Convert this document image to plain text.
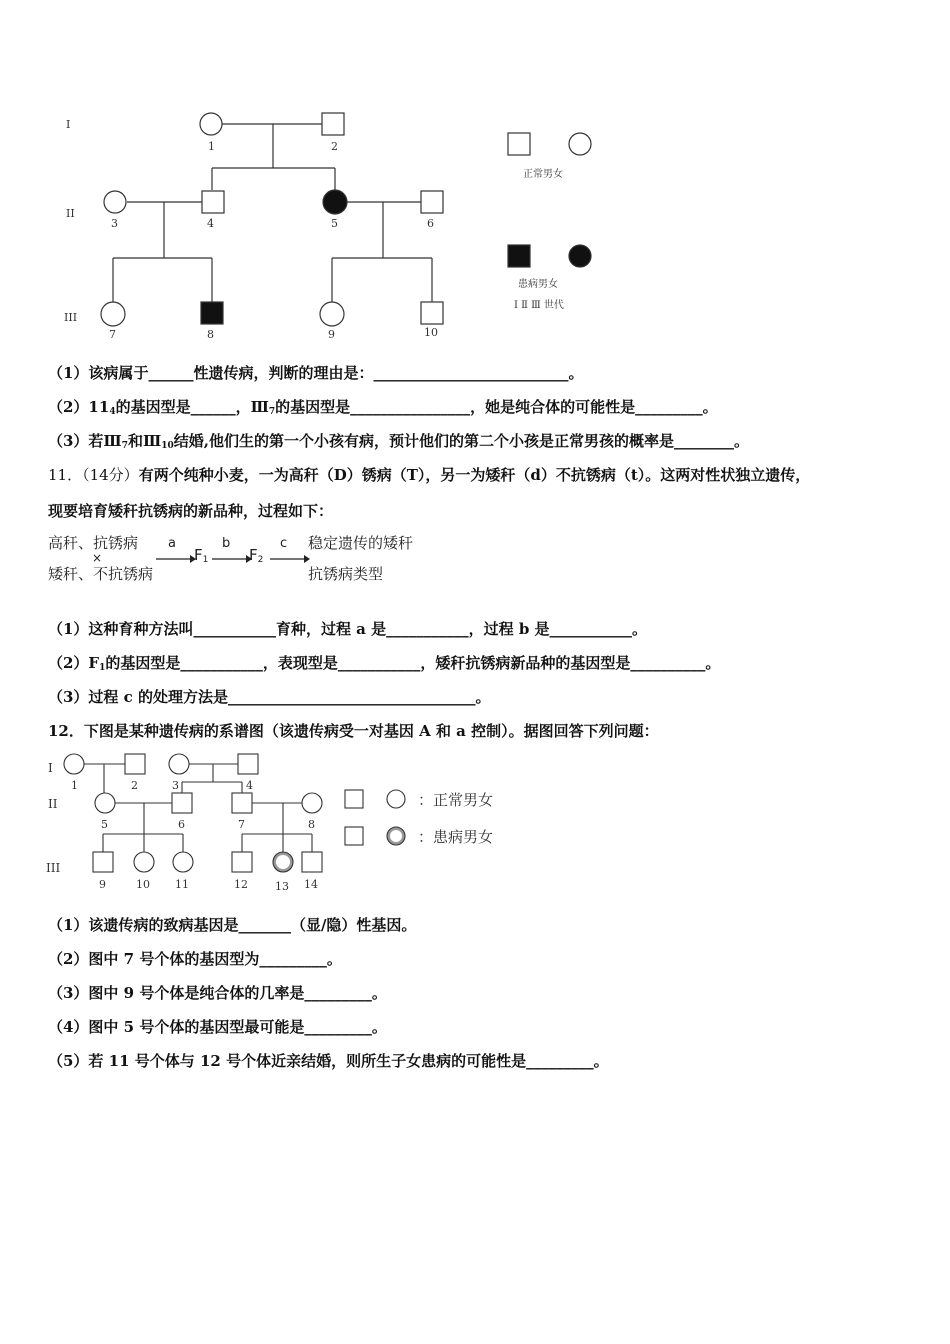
I
II
III
1	2
3	4	5	6
7	8	9	10
正常男女
患病男女
Ⅰ Ⅱ Ⅲ 世代
（1）该病属于______性遗传病，判断的理由是：__________________________。
$(2)11_4$的基因型是______，$Ⅲ_7$的基因型是________________，她是纯合体的可能性是_________。
（3）若$Ⅲ_7$和$Ⅲ_{10}$结婚,他们生的第一个小孩有病，预计他们的第二个小孩是正常男孩的概率是________。
11．（14分）有两个纯种小麦，一为高秆（D）锈病（T），另一为矮秆（d）不抗锈病（t）。这两对性状独立遗传，
现要培育矮秆抗锈病的新品种，过程如下：
高秆、抗锈病
×
矮秆、不抗锈病
a
$F_1$
b
$F_2$
c 稳定遗传的矮秆
抗锈病类型
（1）这种育种方法叫___________育种，过程 a 是___________，过程 b 是___________。
$(2)F_1$的基因型是___________，表现型是___________，矮秆抗锈病新品种的基因型是__________。
（3）过程 c 的处理方法是_________________________________。
12．下图是某种遗传病的系谱图（该遗传病受一对基因 A 和 a 控制）。据图回答下列问题：
I
II
III
1	2	3	4
5	6	7	8
9	10 11	12 13 14
：正常男女
：患病男女
（1）该遗传病的致病基因是_______（显/隐）性基因。
（2）图中 7 号个体的基因型为_________。
（3）图中 9 号个体是纯合体的几率是_________。
（4）图中 5 号个体的基因型最可能是_________。
（5）若 11 号个体与 12 号个体近亲结婚，则所生子女患病的可能性是_________。
